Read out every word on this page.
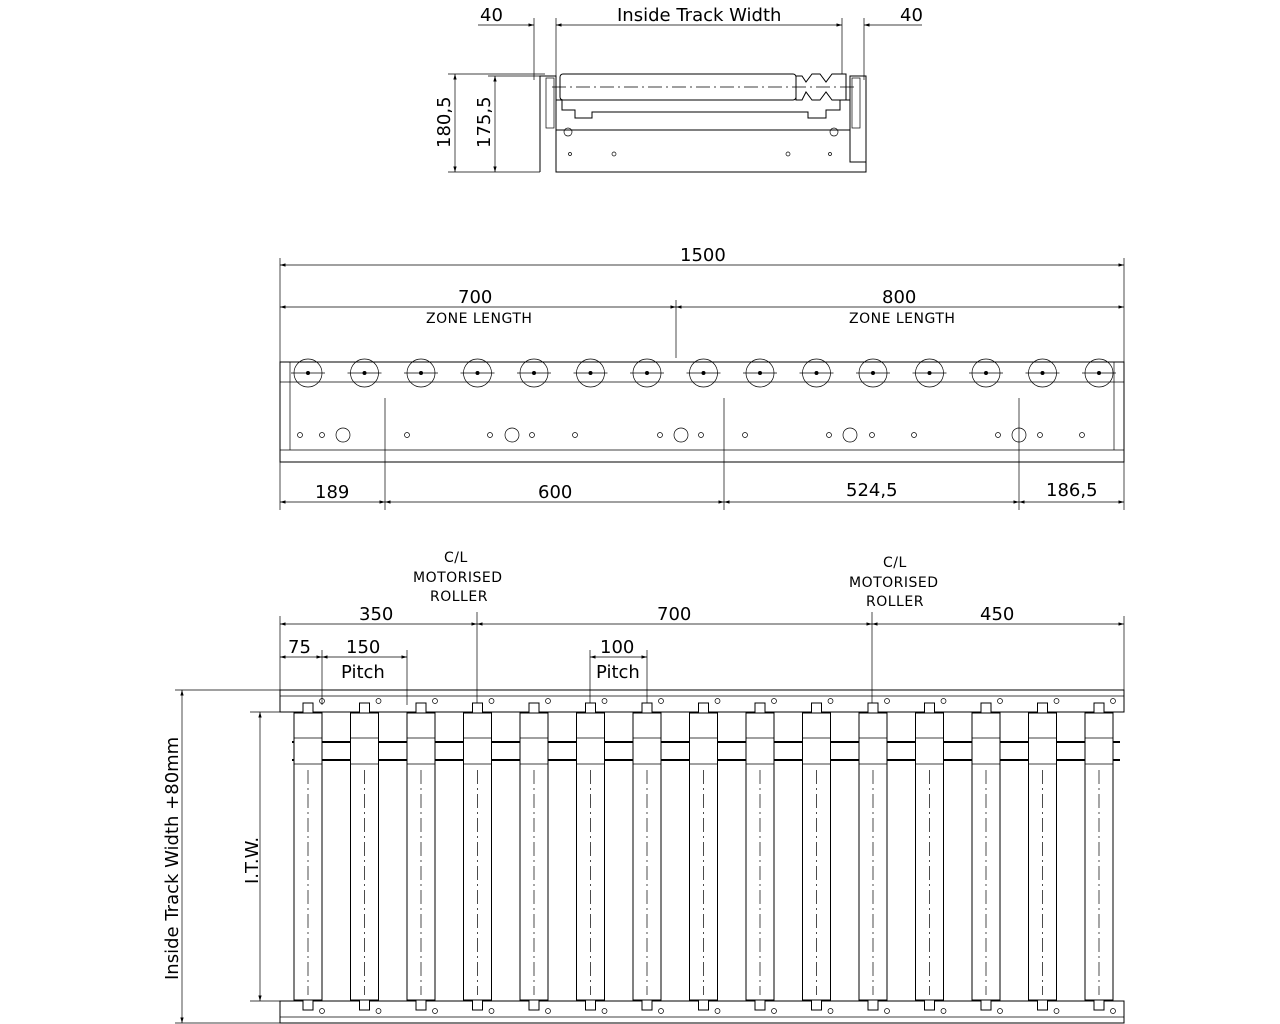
40	Inside Track Width	40
180,5 175,5
1500
700
ZONE LENGTH
800
ZONE LENGTH
189	600	524,5	186,5
C/L
MOTORISED
ROLLER
C/L
MOTORISED
ROLLER
350	700	450
75 150
Pitch
100
Pitch
I.T.W.
Inside Track Width +80mm
